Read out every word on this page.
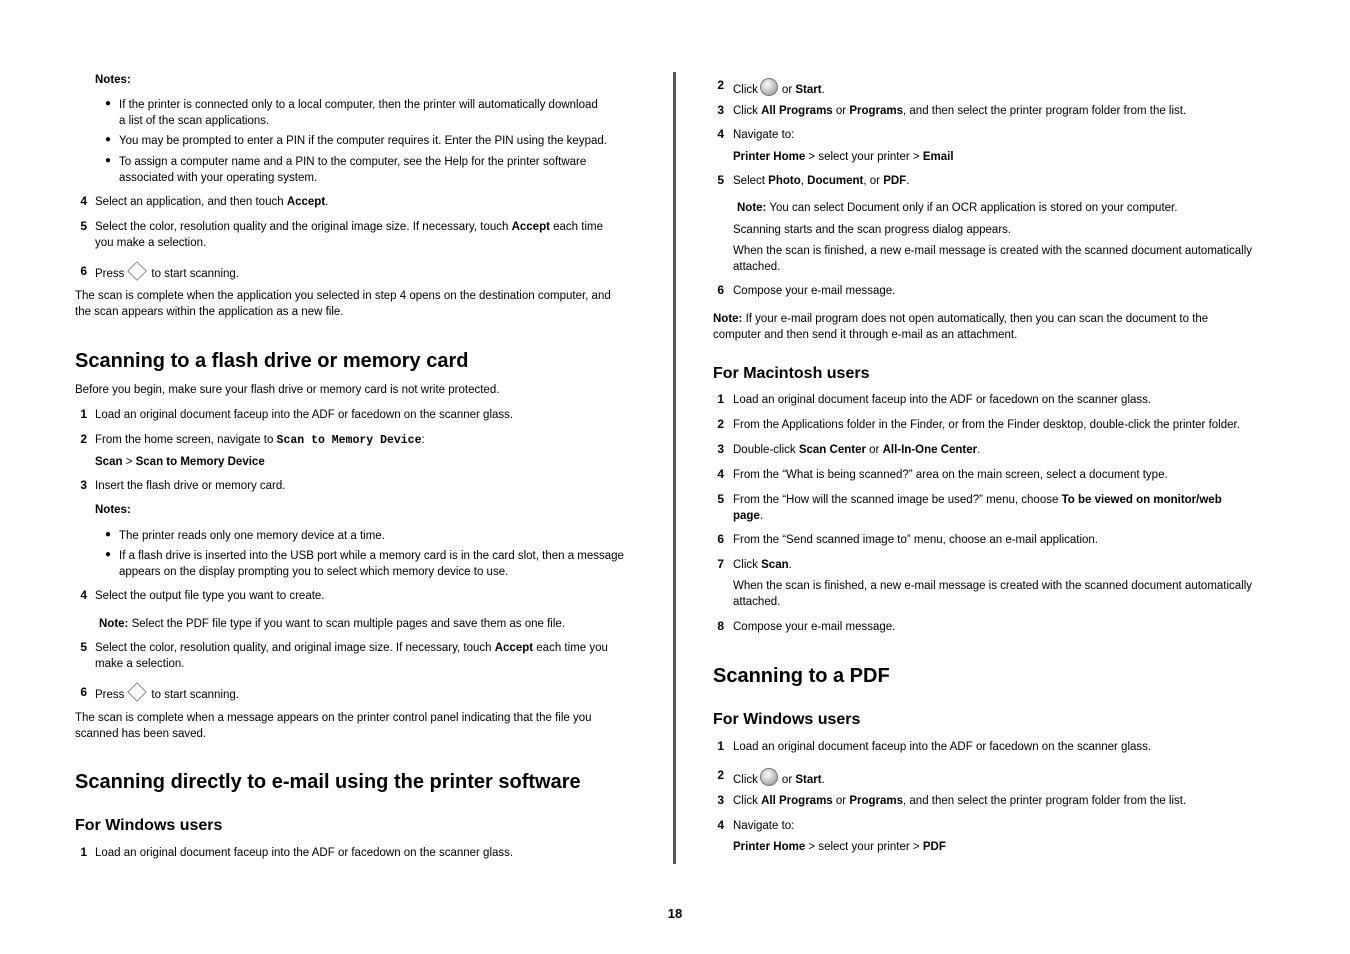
Notes:
● If the printer is connected only to a local computer, then the printer will automatically download
a list of the scan applications.
● You may be prompted to enter a PIN if the computer requires it. Enter the PIN using the keypad.
● To assign a computer name and a PIN to the computer, see the Help for the printer software
associated with your operating system.
4 Select an application, and then touch Accept.
5 Select the color, resolution quality and the original image size. If necessary, touch Accept each time
you make a selection.
6 Press to start scanning.
The scan is complete when the application you selected in step 4 opens on the destination computer, and
the scan appears within the application as a new file.
Scanning to a flash drive or memory card
Before you begin, make sure your flash drive or memory card is not write protected.
1 Load an original document faceup into the ADF or facedown on the scanner glass.
2 From the home screen, navigate to Scan to Memory Device:
Scan > Scan to Memory Device
3 Insert the flash drive or memory card.
Notes:
● The printer reads only one memory device at a time.
● If a flash drive is inserted into the USB port while a memory card is in the card slot, then a message
appears on the display prompting you to select which memory device to use.
4 Select the output file type you want to create.
Note: Select the PDF file type if you want to scan multiple pages and save them as one file.
5 Select the color, resolution quality, and original image size. If necessary, touch Accept each time you
make a selection.
6 Press to start scanning.
The scan is complete when a message appears on the printer control panel indicating that the file you
scanned has been saved.
Scanning directly to e-mail using the printer software
For Windows users
1 Load an original document faceup into the ADF or facedown on the scanner glass.
2 Click or Start.
3 Click All Programs or Programs, and then select the printer program folder from the list.
4 Navigate to:
Printer Home > select your printer > Email
5 Select Photo, Document, or PDF.
Note: You can select Document only if an OCR application is stored on your computer.
Scanning starts and the scan progress dialog appears.
When the scan is finished, a new e-mail message is created with the scanned document automatically
attached.
6 Compose your e-mail message.
Note: If your e-mail program does not open automatically, then you can scan the document to the
computer and then send it through e-mail as an attachment.
For Macintosh users
1 Load an original document faceup into the ADF or facedown on the scanner glass.
2 From the Applications folder in the Finder, or from the Finder desktop, double-click the printer folder.
3 Double-click Scan Center or All-In-One Center.
4 From the “What is being scanned?” area on the main screen, select a document type.
5 From the “How will the scanned image be used?” menu, choose To be viewed on monitor/web
page.
6 From the “Send scanned image to” menu, choose an e-mail application.
7 Click Scan.
When the scan is finished, a new e-mail message is created with the scanned document automatically
attached.
8 Compose your e-mail message.
Scanning to a PDF
For Windows users
1 Load an original document faceup into the ADF or facedown on the scanner glass.
2 Click or Start.
3 Click All Programs or Programs, and then select the printer program folder from the list.
4 Navigate to:
Printer Home > select your printer > PDF
18
